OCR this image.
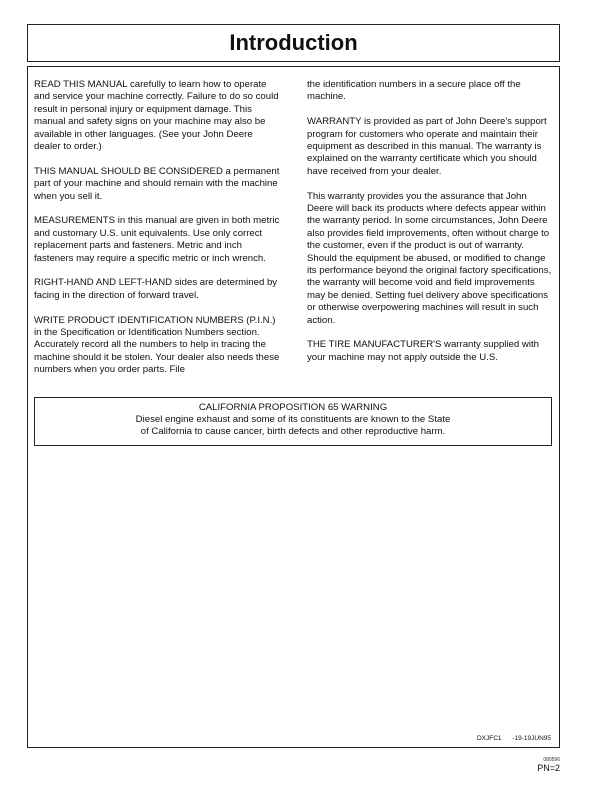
Introduction

READ THIS MANUAL carefully to learn how to operate and service your machine correctly. Failure to do so could result in personal injury or equipment damage. This manual and safety signs on your machine may also be available in other languages. (See your John Deere dealer to order.)

THIS MANUAL SHOULD BE CONSIDERED a permanent part of your machine and should remain with the machine when you sell it.

MEASUREMENTS in this manual are given in both metric and customary U.S. unit equivalents. Use only correct replacement parts and fasteners. Metric and inch fasteners may require a specific metric or inch wrench.

RIGHT-HAND AND LEFT-HAND sides are determined by facing in the direction of forward travel.

WRITE PRODUCT IDENTIFICATION NUMBERS (P.I.N.) in the Specification or Identification Numbers section. Accurately record all the numbers to help in tracing the machine should it be stolen. Your dealer also needs these numbers when you order parts. File

the identification numbers in a secure place off the machine.

WARRANTY is provided as part of John Deere's support program for customers who operate and maintain their equipment as described in this manual. The warranty is explained on the warranty certificate which you should have received from your dealer.

This warranty provides you the assurance that John Deere will back its products where defects appear within the warranty period. In some circumstances, John Deere also provides field improvements, often without charge to the customer, even if the product is out of warranty. Should the equipment be abused, or modified to change its performance beyond the original factory specifications, the warranty will become void and field improvements may be denied. Setting fuel delivery above specifications or otherwise overpowering machines will result in such action.

THE TIRE MANUFACTURER'S warranty supplied with your machine may not apply outside the U.S.

CALIFORNIA PROPOSITION 65 WARNING
Diesel engine exhaust and some of its constituents are known to the State
of California to cause cancer, birth defects and other reproductive harm.
DXJFC1      -19-19JUN95
080596
PN=2
